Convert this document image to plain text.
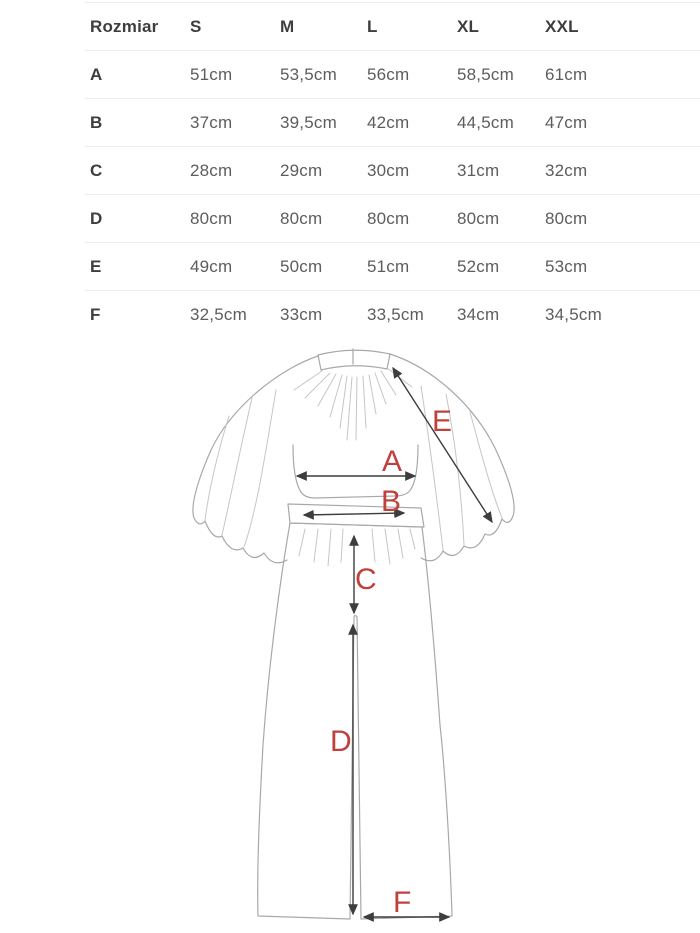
Rozmiar	S	M	L	XL	XXL
A	51cm	53,5cm	56cm	58,5cm	61cm
B	37cm	39,5cm	42cm	44,5cm	47cm
C	28cm	29cm	30cm	31cm	32cm
D	80cm	80cm	80cm	80cm	80cm
E	49cm	50cm	51cm	52cm	53cm
F	32,5cm	33cm	33,5cm	34cm	34,5cm
A
B
C
D
E
F
